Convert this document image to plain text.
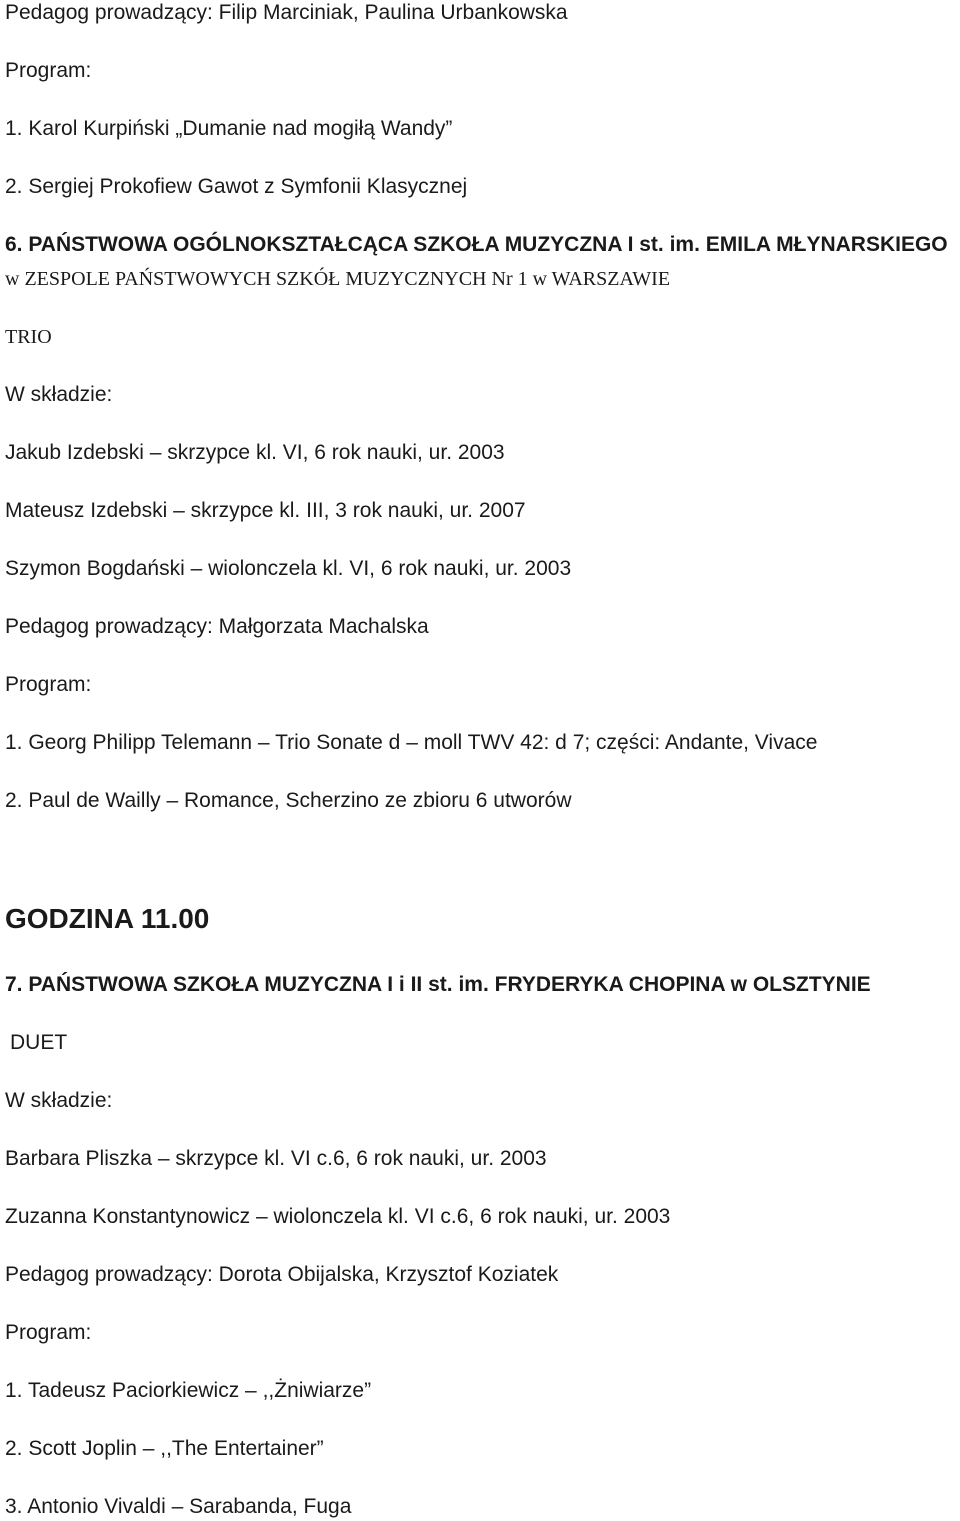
Pedagog prowadzący: Filip Marciniak, Paulina Urbankowska

Program:

1. Karol Kurpiński „Dumanie nad mogiłą Wandy”

2. Sergiej Prokofiew Gawot z Symfonii Klasycznej

6. PAŃSTWOWA OGÓLNOKSZTAŁCĄCA SZKOŁA MUZYCZNA I st. im. EMILA MŁYNARSKIEGO

w ZESPOLE PAŃSTWOWYCH SZKÓŁ MUZYCZNYCH Nr 1 w WARSZAWIE

TRIO

W składzie:

Jakub Izdebski – skrzypce kl. VI, 6 rok nauki, ur. 2003

Mateusz Izdebski – skrzypce kl. III, 3 rok nauki, ur. 2007

Szymon Bogdański – wiolonczela kl. VI, 6 rok nauki, ur. 2003

Pedagog prowadzący: Małgorzata Machalska

Program:

1. Georg Philipp Telemann – Trio Sonate d – moll TWV 42: d 7; części: Andante, Vivace

2. Paul de Wailly – Romance, Scherzino ze zbioru 6 utworów

GODZINA 11.00

7. PAŃSTWOWA SZKOŁA MUZYCZNA I i II st. im. FRYDERYKA CHOPINA w OLSZTYNIE

DUET

W składzie:

Barbara Pliszka – skrzypce kl. VI c.6, 6 rok nauki, ur. 2003

Zuzanna Konstantynowicz – wiolonczela kl. VI c.6, 6 rok nauki, ur. 2003

Pedagog prowadzący: Dorota Obijalska, Krzysztof Koziatek

Program:

1. Tadeusz Paciorkiewicz – ,,Żniwiarze”

2. Scott Joplin – ,,The Entertainer”

3. Antonio Vivaldi – Sarabanda, Fuga
